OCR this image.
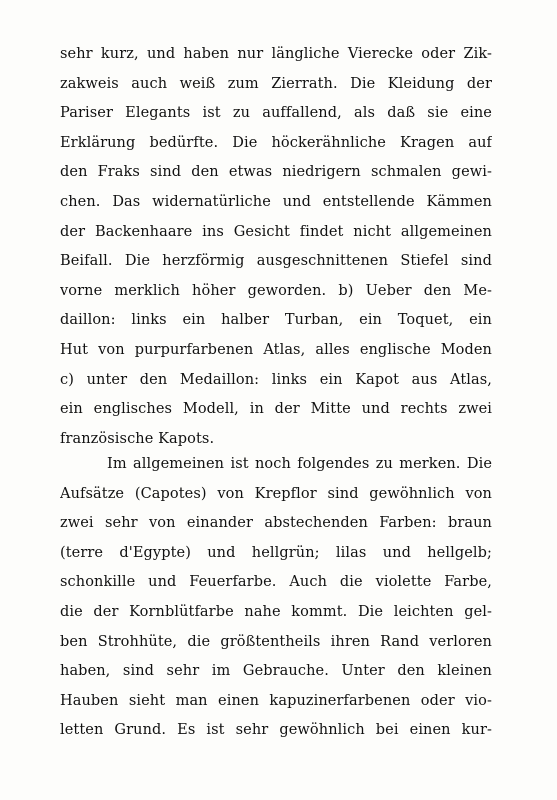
sehr kurz, und haben nur längliche Vierecke oder Zik-
zakweis auch weiß zum Zierrath. Die Kleidung der
Pariser Elegants ist zu auffallend, als daß sie eine
Erklärung bedürfte. Die höckerähnliche Kragen auf
den Fraks sind den etwas niedrigern schmalen gewi-
chen. Das widernatürliche und entstellende Kämmen
der Backenhaare ins Gesicht findet nicht allgemeinen
Beifall. Die herzförmig ausgeschnittenen Stiefel sind
vorne merklich höher geworden. b) Ueber den Me-
daillon: links ein halber Turban, ein Toquet, ein
Hut von purpurfarbenen Atlas, alles englische Moden
c) unter den Medaillon: links ein Kapot aus Atlas,
ein englisches Modell, in der Mitte und rechts zwei
französische Kapots.
Im allgemeinen ist noch folgendes zu merken. Die
Aufsätze (Capotes) von Krepflor sind gewöhnlich von
zwei sehr von einander abstechenden Farben: braun
(terre d'Egypte) und hellgrün; lilas und hellgelb;
schonkille und Feuerfarbe. Auch die violette Farbe,
die der Kornblütfarbe nahe kommt. Die leichten gel-
ben Strohhüte, die größtentheils ihren Rand verloren
haben, sind sehr im Gebrauche. Unter den kleinen
Hauben sieht man einen kapuzinerfarbenen oder vio-
letten Grund. Es ist sehr gewöhnlich bei einen kur-
